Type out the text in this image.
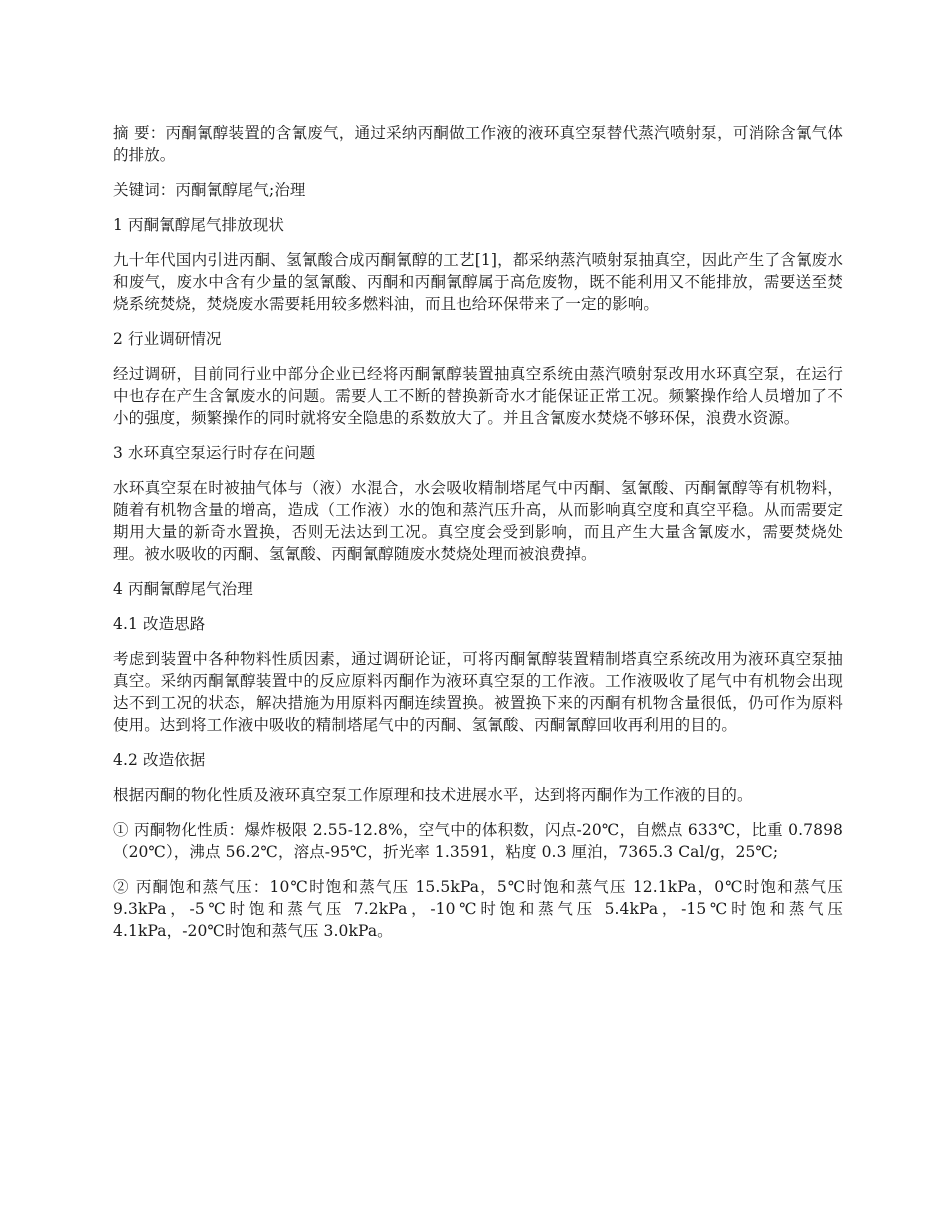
摘 要：丙酮氰醇装置的含氰废气，通过采纳丙酮做工作液的液环真空泵替代蒸汽喷射泵，可消除含氰气体的排放。

关键词：丙酮氰醇尾气;治理

1 丙酮氰醇尾气排放现状

九十年代国内引进丙酮、氢氰酸合成丙酮氰醇的工艺[1]，都采纳蒸汽喷射泵抽真空，因此产生了含氰废水和废气，废水中含有少量的氢氰酸、丙酮和丙酮氰醇属于高危废物，既不能利用又不能排放，需要送至焚烧系统焚烧，焚烧废水需要耗用较多燃料油，而且也给环保带来了一定的影响。

2 行业调研情况

经过调研，目前同行业中部分企业已经将丙酮氰醇装置抽真空系统由蒸汽喷射泵改用水环真空泵，在运行中也存在产生含氰废水的问题。需要人工不断的替换新奇水才能保证正常工况。频繁操作给人员增加了不小的强度，频繁操作的同时就将安全隐患的系数放大了。并且含氰废水焚烧不够环保，浪费水资源。

3 水环真空泵运行时存在问题

水环真空泵在时被抽气体与（液）水混合，水会吸收精制塔尾气中丙酮、氢氰酸、丙酮氰醇等有机物料，随着有机物含量的增高，造成（工作液）水的饱和蒸汽压升高，从而影响真空度和真空平稳。从而需要定期用大量的新奇水置换，否则无法达到工况。真空度会受到影响，而且产生大量含氰废水，需要焚烧处理。被水吸收的丙酮、氢氰酸、丙酮氰醇随废水焚烧处理而被浪费掉。

4 丙酮氰醇尾气治理

4.1 改造思路

考虑到装置中各种物料性质因素，通过调研论证，可将丙酮氰醇装置精制塔真空系统改用为液环真空泵抽真空。采纳丙酮氰醇装置中的反应原料丙酮作为液环真空泵的工作液。工作液吸收了尾气中有机物会出现达不到工况的状态，解决措施为用原料丙酮连续置换。被置换下来的丙酮有机物含量很低，仍可作为原料使用。达到将工作液中吸收的精制塔尾气中的丙酮、氢氰酸、丙酮氰醇回收再利用的目的。

4.2 改造依据

根据丙酮的物化性质及液环真空泵工作原理和技术进展水平，达到将丙酮作为工作液的目的。

① 丙酮物化性质：爆炸极限 2.55-12.8%，空气中的体积数，闪点-20℃，自燃点 633℃，比重 0.7898（20℃），沸点 56.2℃，溶点-95℃，折光率 1.3591，粘度 0.3 厘泊，7365.3 Cal/g，25℃;

② 丙酮饱和蒸气压：10℃时饱和蒸气压 15.5kPa，5℃时饱和蒸气压 12.1kPa，0℃时饱和蒸气压 9.3kPa，-5℃时饱和蒸气压 7.2kPa，-10℃时饱和蒸气压 5.4kPa，-15℃时饱和蒸气压 4.1kPa，-20℃时饱和蒸气压 3.0kPa。
